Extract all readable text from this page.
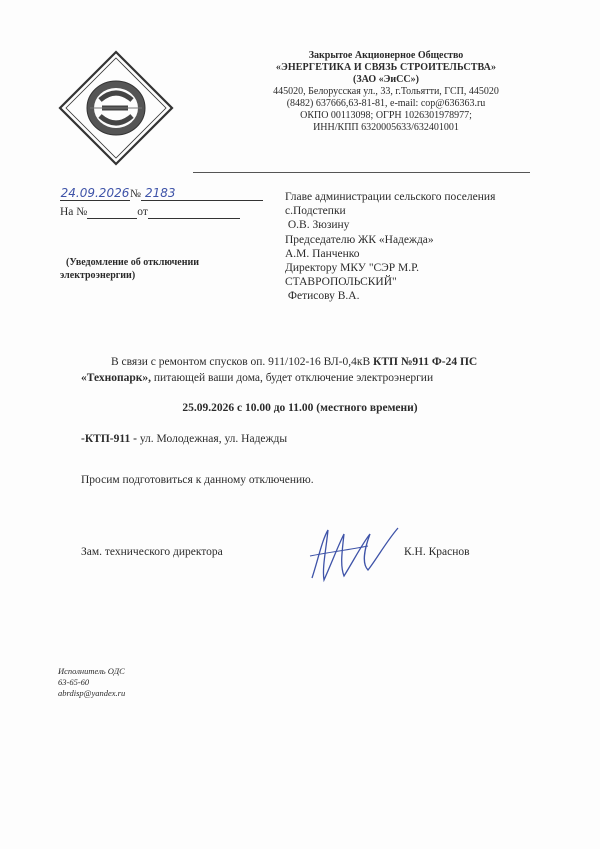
Закрытое Акционерное Общество
«ЭНЕРГЕТИКА И СВЯЗЬ СТРОИТЕЛЬСТВА»
(ЗАО «ЭиСС»)
445020, Белорусская ул., 33, г.Тольятти, ГСП, 445020
(8482) 637666,63-81-81, e-mail: cop@636363.ru
ОКПО 00113098; ОГРН 1026301978977;
ИНН/КПП 6320005633/632401001
24.09.2026№ 2183
На №	от
(Уведомление об отключении
электроэнергии)
Главе администрации сельского поселения
с.Подстепки
О.В. Зюзину
Председателю ЖК «Надежда»
А.М. Панченко
Директору МКУ "СЭР М.Р.
СТАВРОПОЛЬСКИЙ"
Фетисову В.А.
В связи с ремонтом спусков оп. 911/102-16 ВЛ-0,4кВ КТП №911 Ф-24 ПС
«Технопарк», питающей ваши дома, будет отключение электроэнергии
25.09.2026 с 10.00 до 11.00 (местного времени)
-КТП-911 - ул. Молодежная, ул. Надежды
Просим подготовиться к данному отключению.
Зам. технического директора	К.Н. Краснов
Исполнитель ОДС
63-65-60
abrdisp@yandex.ru
